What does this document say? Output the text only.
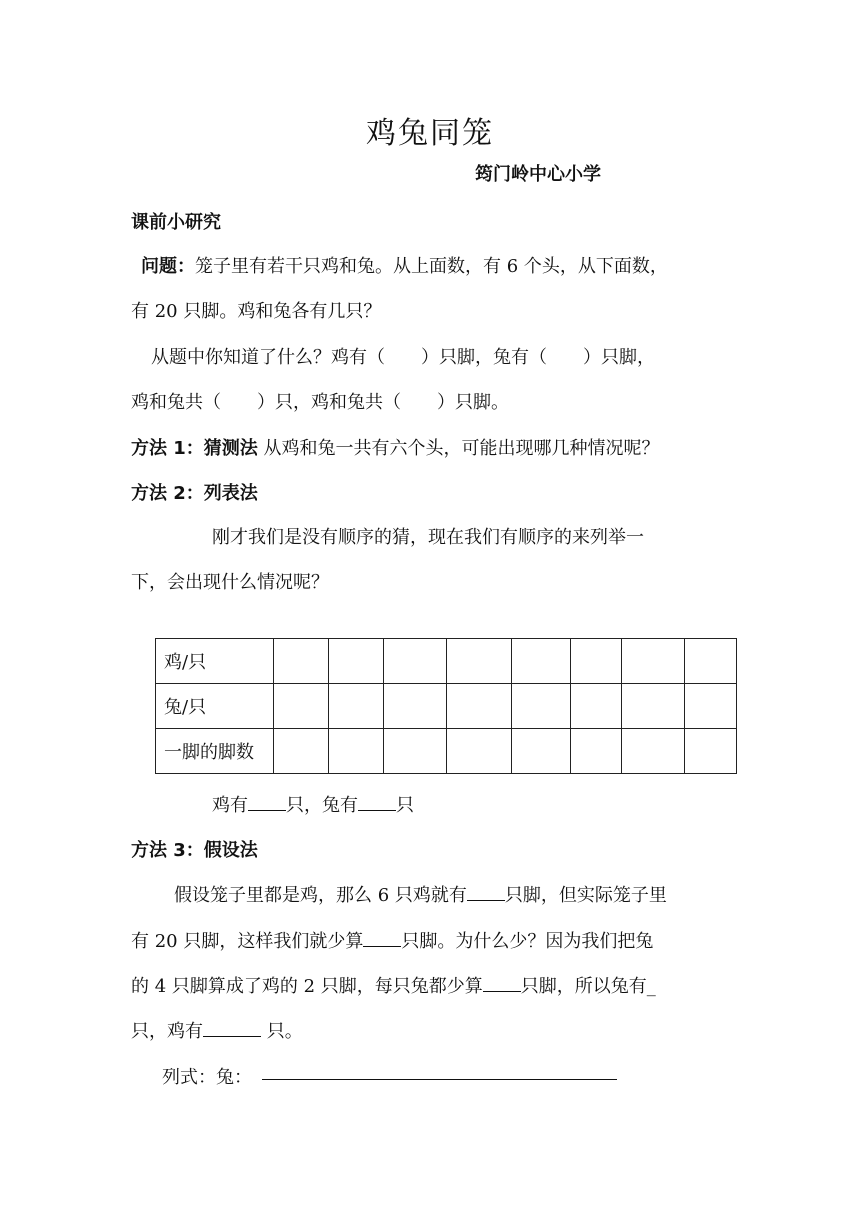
鸡兔同笼
筠门岭中心小学
课前小研究
问题：笼子里有若干只鸡和兔。从上面数，有 6 个头，从下面数，
有 20 只脚。鸡和兔各有几只？
从题中你知道了什么？鸡有（　　）只脚，兔有（　　）只脚，
鸡和兔共（　　）只，鸡和兔共（　　）只脚。
方法 1：猜测法 从鸡和兔一共有六个头，可能出现哪几种情况呢？
方法 2：列表法
刚才我们是没有顺序的猜，现在我们有顺序的来列举一
下，会出现什么情况呢？
鸡/只								
兔/只								
一脚的脚数								
鸡有 只，兔有 只
方法 3：假设法
假设笼子里都是鸡，那么 6 只鸡就有 只脚，但实际笼子里
有 20 只脚，这样我们就少算 只脚。为什么少？因为我们把兔
的 4 只脚算成了鸡的 2 只脚，每只兔都少算 只脚，所以兔有_
只，鸡有	只。
列式：兔：
